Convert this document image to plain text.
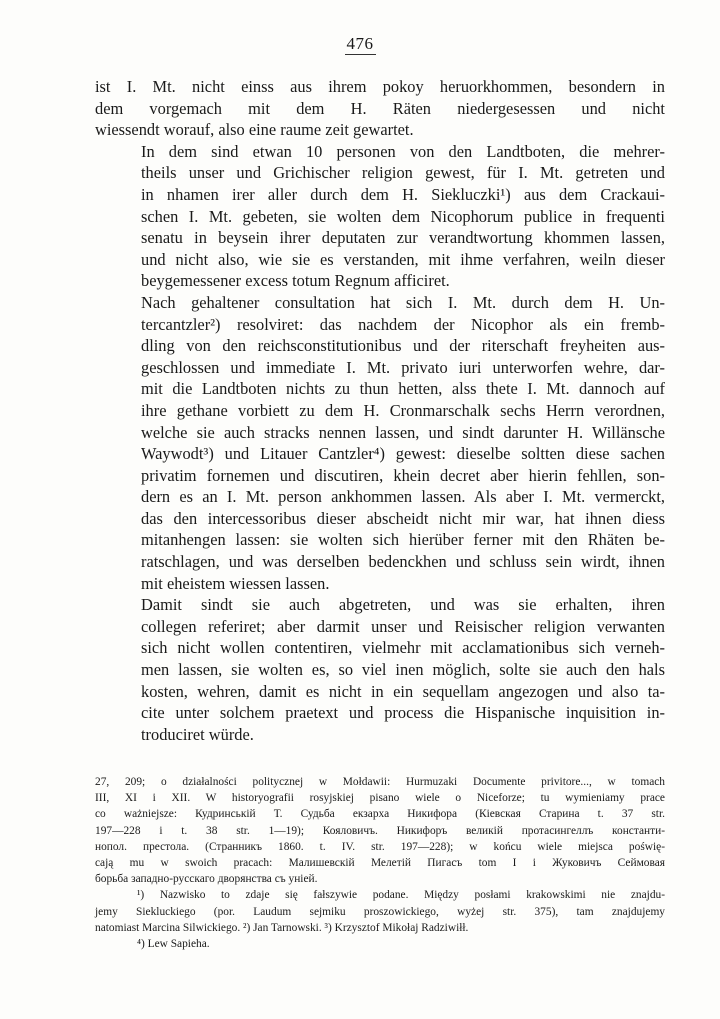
476

ist I. Mt. nicht einss aus ihrem pokoy heruorkhommen, besondern in
dem vorgemach mit dem H. Räten niedergesessen und nicht
wiessendt worauf, also eine raume zeit gewartet.

In dem sind etwan 10 personen von den Landtboten, die mehrer-
theils unser und Grichischer religion gewest, für I. Mt. getreten und
in nhamen irer aller durch dem H. Siekluczki¹) aus dem Crackaui-
schen I. Mt. gebeten, sie wolten dem Nicophorum publice in frequenti
senatu in beysein ihrer deputaten zur verandtwortung khommen lassen,
und nicht also, wie sie es verstanden, mit ihme verfahren, weiln dieser
beygemessener excess totum Regnum afficiret.

Nach gehaltener consultation hat sich I. Mt. durch dem H. Un-
tercantzler²) resolviret: das nachdem der Nicophor als ein fremb-
dling von den reichsconstitutionibus und der riterschaft freyheiten aus-
geschlossen und immediate I. Mt. privato iuri unterworfen wehre, dar-
mit die Landtboten nichts zu thun hetten, alss thete I. Mt. dannoch auf
ihre gethane vorbiett zu dem H. Cronmarschalk sechs Herrn verordnen,
welche sie auch stracks nennen lassen, und sindt darunter H. Willänsche
Waywodt³) und Litauer Cantzler⁴) gewest: dieselbe soltten diese sachen
privatim fornemen und discutiren, khein decret aber hierin fehllen, son-
dern es an I. Mt. person ankhommen lassen. Als aber I. Mt. vermerckt,
das den intercessoribus dieser abscheidt nicht mir war, hat ihnen diess
mitanhengen lassen: sie wolten sich hierüber ferner mit den Rhäten be-
ratschlagen, und was derselben bedenckhen und schluss sein wirdt, ihnen
mit eheistem wiessen lassen.

Damit sindt sie auch abgetreten, und was sie erhalten, ihren
collegen referiret; aber darmit unser und Reisischer religion verwanten
sich nicht wollen contentiren, vielmehr mit acclamationibus sich verneh-
men lassen, sie wolten es, so viel inen möglich, solte sie auch den hals
kosten, wehren, damit es nicht in ein sequellam angezogen und also ta-
cite unter solchem praetext und process die Hispanische inquisition in-
troduciret würde.

27, 209; o działalności politycznej w Mołdawii: Hurmuzaki Documente privitore..., w tomach
III, XI i XII. W historyografii rosyjskiej pisano wiele o Niceforze; tu wymieniamy prace
co ważniejsze: Кудринській Т. Судьба екзарха Никифора (Кіевская Старина t. 37 str.
197—228 i t. 38 str. 1—19); Кояловичъ. Никифоръ великій протасингеллъ константи-
нопол. престола. (Странникъ 1860. t. IV. str. 197—228); w końcu wiele miejsca poświę-
cają mu w swoich pracach: Малишевскій Мелетій Пигасъ tom I i Жуковичъ Сеймовая
борьба западно-русскаго дворянства съ уніей.
¹) Nazwisko to zdaje się fałszywie podane. Między posłami krakowskimi nie znajdu-
jemy Siekluckiego (por. Laudum sejmiku proszowickiego, wyżej str. 375), tam znajdujemy
natomiast Marcina Silwickiego. ²) Jan Tarnowski. ³) Krzysztof Mikołaj Radziwiłł.
⁴) Lew Sapieha.
